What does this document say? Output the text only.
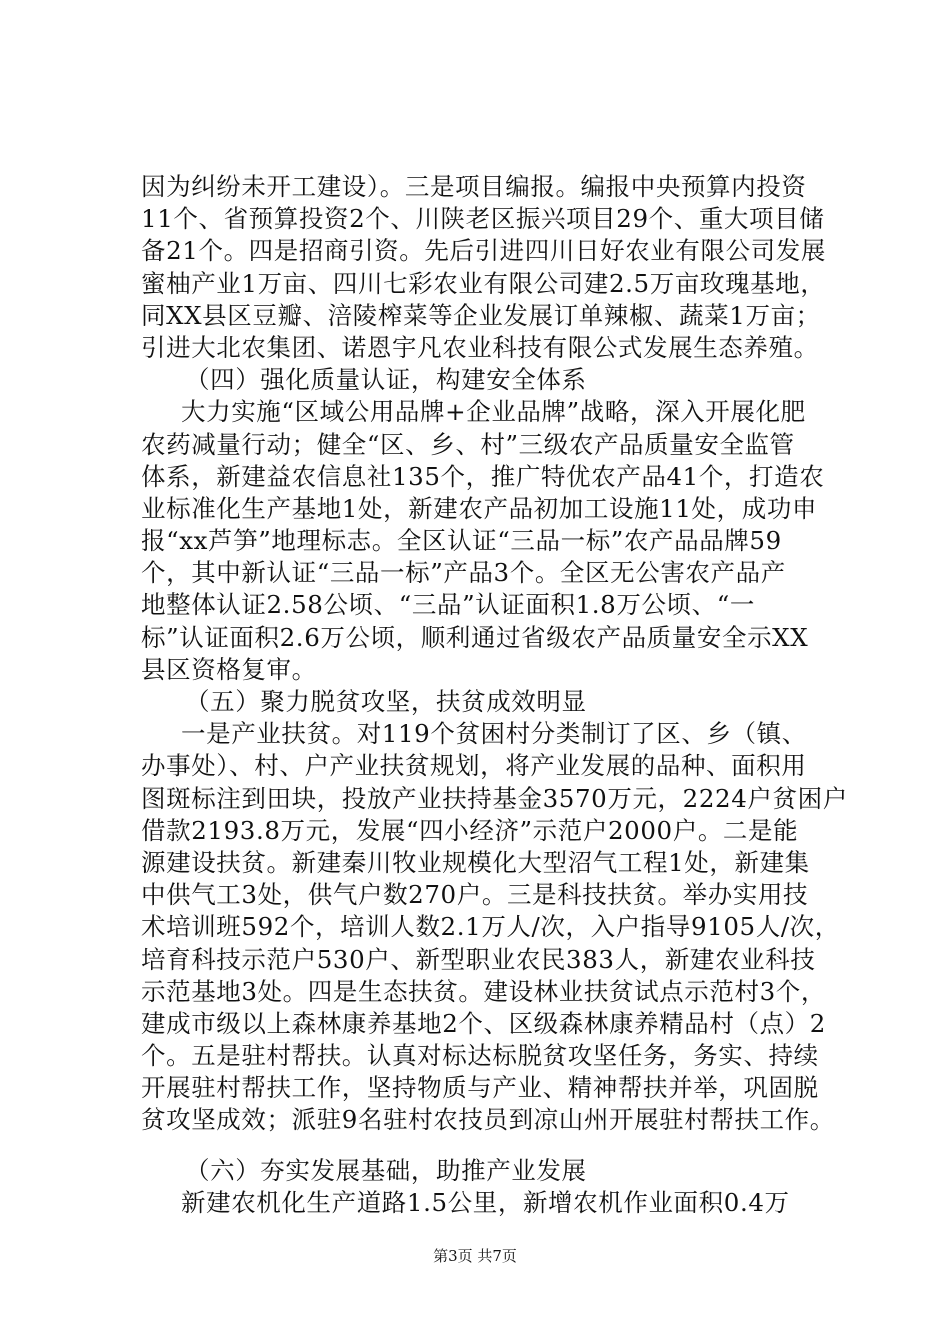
因为纠纷未开工建设）。三是项目编报。编报中央预算内投资
11个、省预算投资2个、川陕老区振兴项目29个、重大项目储
备21个。四是招商引资。先后引进四川日好农业有限公司发展
蜜柚产业1万亩、四川七彩农业有限公司建2.5万亩玫瑰基地，
同XX县区豆瓣、涪陵榨菜等企业发展订单辣椒、蔬菜1万亩；
引进大北农集团、诺恩宇凡农业科技有限公式发展生态养殖。
（四）强化质量认证，构建安全体系
大力实施“区域公用品牌+企业品牌”战略，深入开展化肥
农药减量行动；健全“区、乡、村”三级农产品质量安全监管
体系，新建益农信息社135个，推广特优农产品41个，打造农
业标准化生产基地1处，新建农产品初加工设施11处，成功申
报“xx芦笋”地理标志。全区认证“三品一标”农产品品牌59
个，其中新认证“三品一标”产品3个。全区无公害农产品产
地整体认证2.58公顷、“三品”认证面积1.8万公顷、“一
标”认证面积2.6万公顷，顺利通过省级农产品质量安全示XX
县区资格复审。
（五）聚力脱贫攻坚，扶贫成效明显
一是产业扶贫。对119个贫困村分类制订了区、乡（镇、
办事处）、村、户产业扶贫规划，将产业发展的品种、面积用
图斑标注到田块，投放产业扶持基金3570万元，2224户贫困户
借款2193.8万元，发展“四小经济”示范户2000户。二是能
源建设扶贫。新建秦川牧业规模化大型沼气工程1处，新建集
中供气工3处，供气户数270户。三是科技扶贫。举办实用技
术培训班592个，培训人数2.1万人/次，入户指导9105人/次，
培育科技示范户530户、新型职业农民383人，新建农业科技
示范基地3处。四是生态扶贫。建设林业扶贫试点示范村3个，
建成市级以上森林康养基地2个、区级森林康养精品村（点）2
个。五是驻村帮扶。认真对标达标脱贫攻坚任务，务实、持续
开展驻村帮扶工作，坚持物质与产业、精神帮扶并举，巩固脱
贫攻坚成效；派驻9名驻村农技员到凉山州开展驻村帮扶工作。
（六）夯实发展基础，助推产业发展
新建农机化生产道路1.5公里，新增农机作业面积0.4万
第3页 共7页
